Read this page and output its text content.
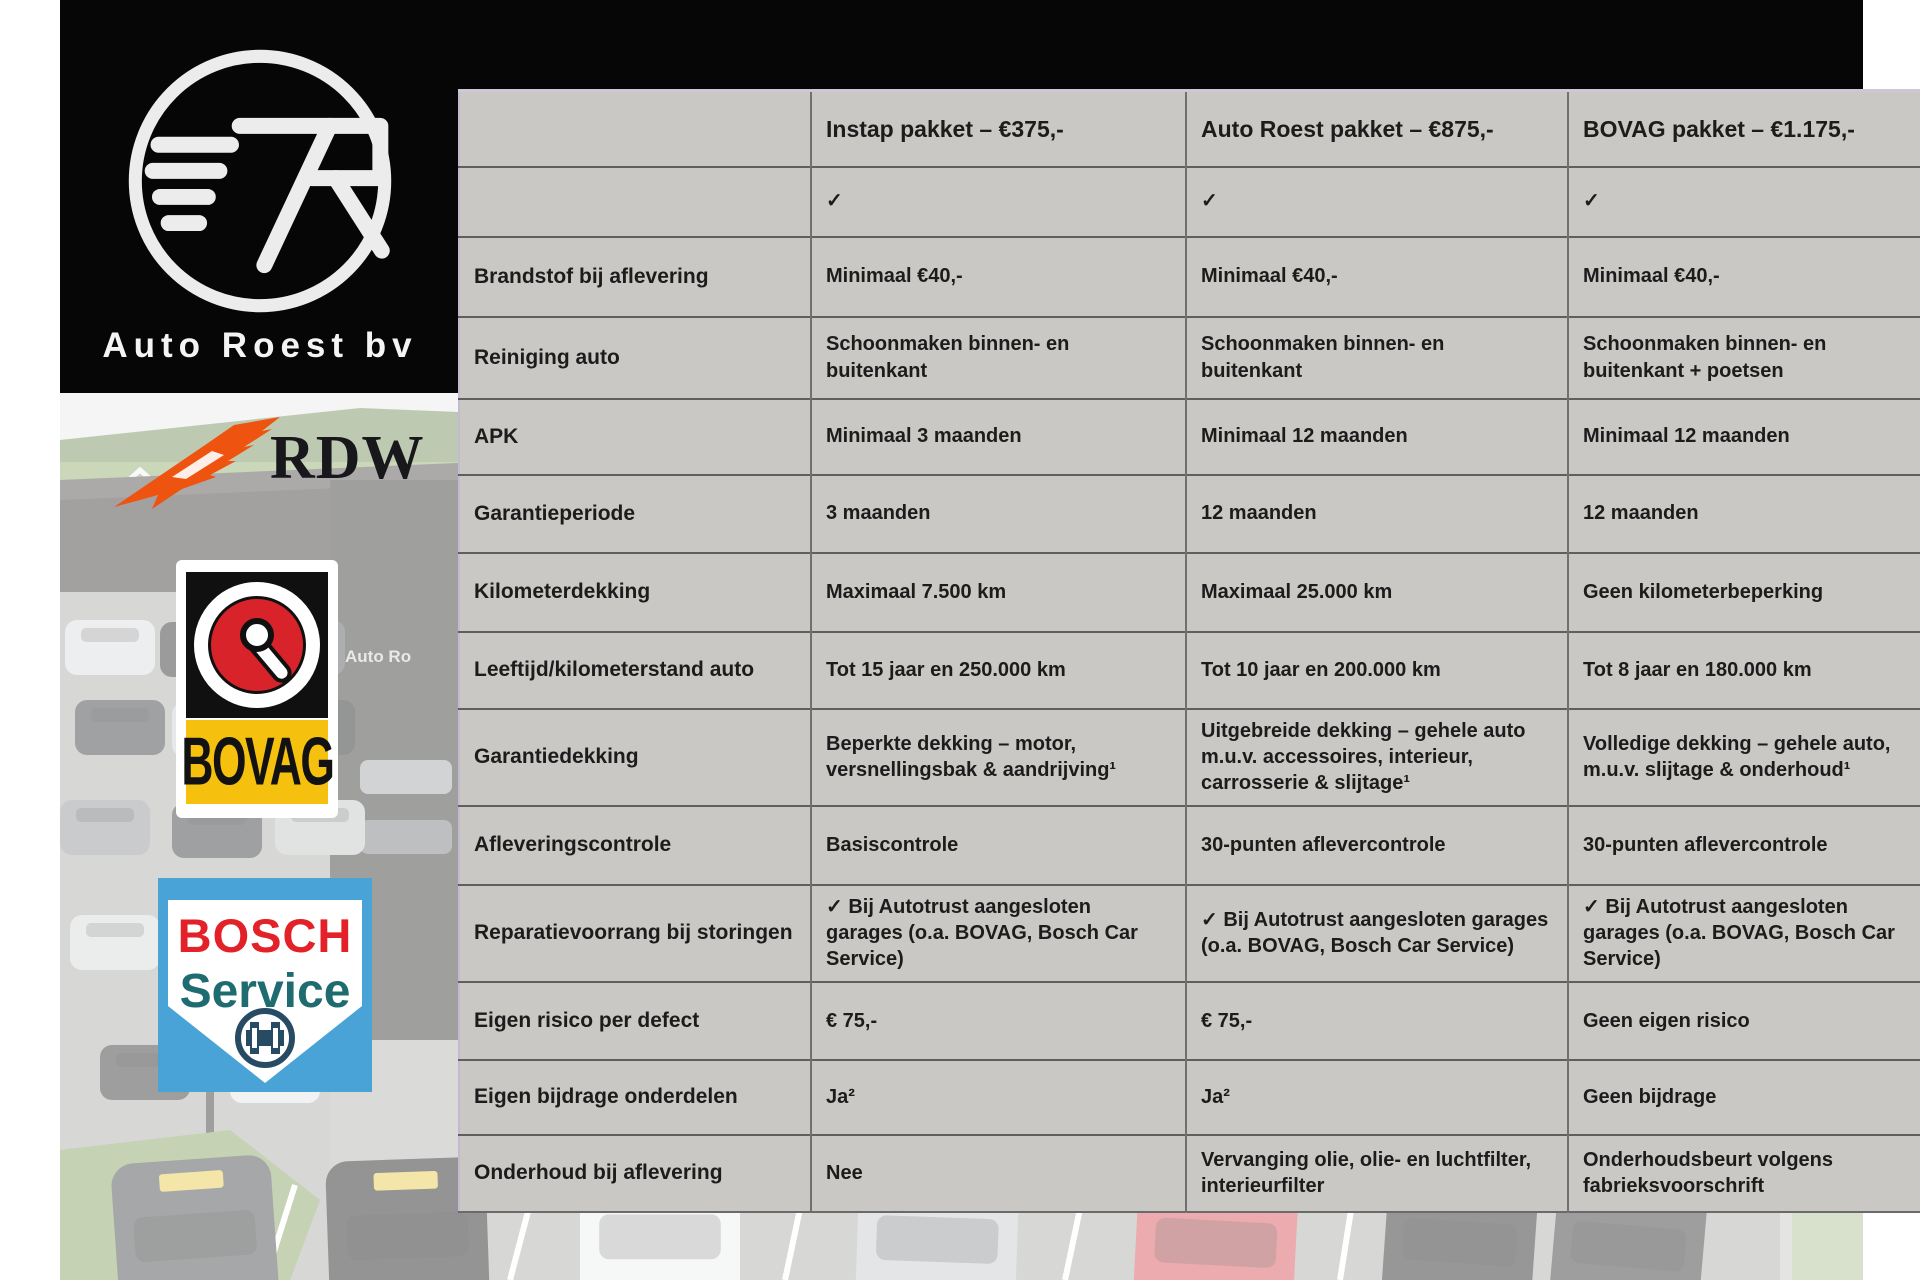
Auto Roest bv
RDW
BOVAG
BOSCH
Service
	Instap pakket – €375,-	Auto Roest pakket – €875,-	BOVAG pakket – €1.175,-
	✓	✓	✓
Brandstof bij aflevering	Minimaal €40,-	Minimaal €40,-	Minimaal €40,-
Reiniging auto	Schoonmaken binnen- en buitenkant	Schoonmaken binnen- en buitenkant	Schoonmaken binnen- en buitenkant + poetsen
APK	Minimaal 3 maanden	Minimaal 12 maanden	Minimaal 12 maanden
Garantieperiode	3 maanden	12 maanden	12 maanden
Kilometerdekking	Maximaal 7.500 km	Maximaal 25.000 km	Geen kilometerbeperking
Leeftijd/kilometerstand auto	Tot 15 jaar en 250.000 km	Tot 10 jaar en 200.000 km	Tot 8 jaar en 180.000 km
Garantiedekking	Beperkte dekking – motor, versnellingsbak & aandrijving¹	Uitgebreide dekking – gehele auto m.u.v. accessoires, interieur, carrosserie & slijtage¹	Volledige dekking – gehele auto, m.u.v. slijtage & onderhoud¹
Afleveringscontrole	Basiscontrole	30-punten aflevercontrole	30-punten aflevercontrole
Reparatievoorrang bij storingen	✓ Bij Autotrust aangesloten garages (o.a. BOVAG, Bosch Car Service)	✓ Bij Autotrust aangesloten garages (o.a. BOVAG, Bosch Car Service)	✓ Bij Autotrust aangesloten garages (o.a. BOVAG, Bosch Car Service)
Eigen risico per defect	€ 75,-	€ 75,-	Geen eigen risico
Eigen bijdrage onderdelen	Ja²	Ja²	Geen bijdrage
Onderhoud bij aflevering	Nee	Vervanging olie, olie- en luchtfilter, interieurfilter	Onderhoudsbeurt volgens fabrieksvoorschrift
